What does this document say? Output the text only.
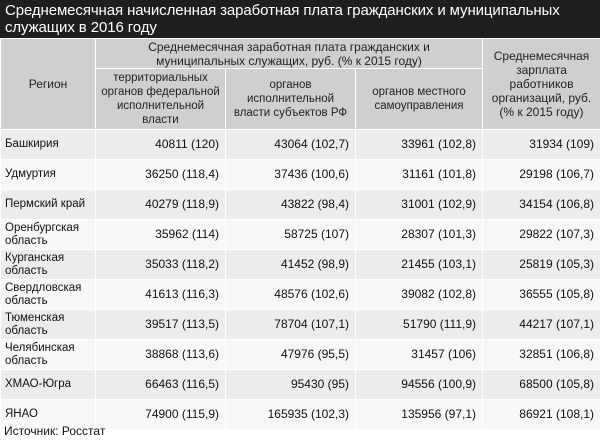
Среднемесячная начисленная заработная плата гражданских и муниципальных служащих в 2016 году
Регион	Среднемесячная заработная плата гражданских и муниципальных служащих, руб. (% к 2015 году)			Среднемесячная зарплата работников организаций, руб. (% к 2015 году)
	территориальных органов федеральной исполнительной власти	органов исполнительной власти субъектов РФ	органов местного самоуправления	
Башкирия	40811 (120)	43064 (102,7)	33961 (102,8)	31934 (109)
Удмуртия	36250 (118,4)	37436 (100,6)	31161 (101,8)	29198 (106,7)
Пермский край	40279 (118,9)	43822 (98,4)	31001 (102,9)	34154 (106,8)
Оренбургская область	35962 (114)	58725 (107)	28307 (101,3)	29822 (107,3)
Курганская область	35033 (118,2)	41452 (98,9)	21455 (103,1)	25819 (105,3)
Свердловская область	41613 (116,3)	48576 (102,6)	39082 (102,8)	36555 (105,8)
Тюменская область	39517 (113,5)	78704 (107,1)	51790 (111,9)	44217 (107,1)
Челябинская область	38868 (113,6)	47976 (95,5)	31457 (106)	32851 (106,8)
ХМАО-Югра	66463 (116,5)	95430 (95)	94556 (100,9)	68500 (105,8)
ЯНАО	74900 (115,9)	165935 (102,3)	135956 (97,1)	86921 (108,1)
Источник: Росстат
